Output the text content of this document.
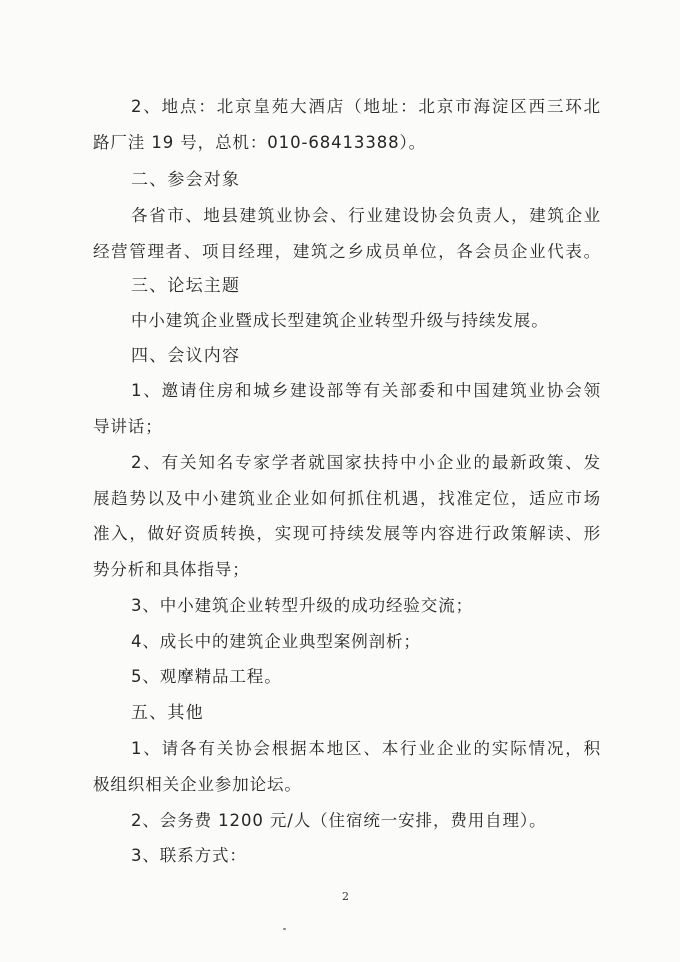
2、地点：北京皇苑大酒店（地址：北京市海淀区西三环北
路厂洼 19 号，总机：010-68413388）。
二、参会对象
各省市、地县建筑业协会、行业建设协会负责人，建筑企业
经营管理者、项目经理，建筑之乡成员单位，各会员企业代表。
三、论坛主题
中小建筑企业暨成长型建筑企业转型升级与持续发展。
四、会议内容
1、邀请住房和城乡建设部等有关部委和中国建筑业协会领
导讲话；
2、有关知名专家学者就国家扶持中小企业的最新政策、发
展趋势以及中小建筑业企业如何抓住机遇，找准定位，适应市场
准入，做好资质转换，实现可持续发展等内容进行政策解读、形
势分析和具体指导；
3、中小建筑企业转型升级的成功经验交流；
4、成长中的建筑企业典型案例剖析；
5、观摩精品工程。
五、其他
1、请各有关协会根据本地区、本行业企业的实际情况，积
极组织相关企业参加论坛。
2、会务费 1200 元/人（住宿统一安排，费用自理）。
3、联系方式：
2
